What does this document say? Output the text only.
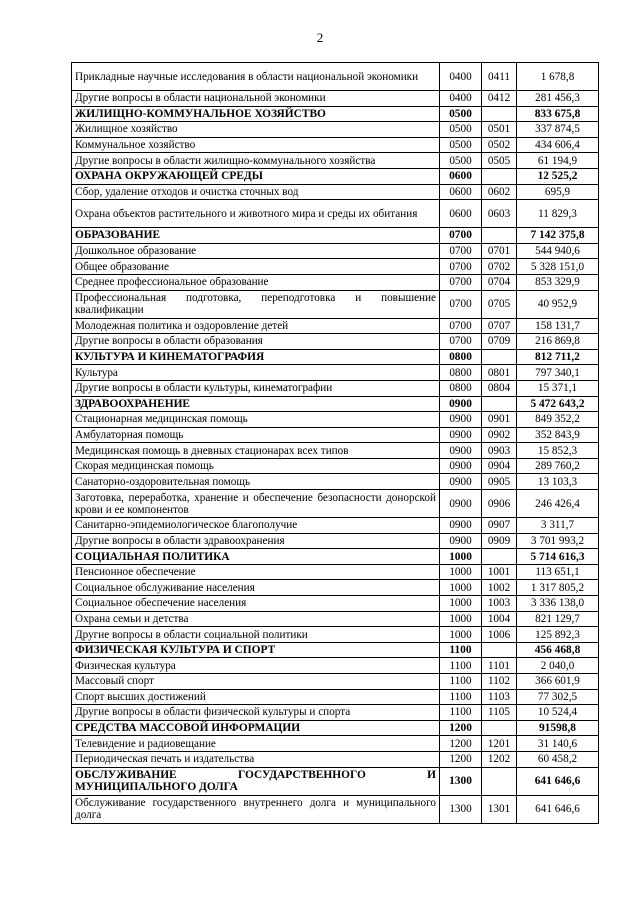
2
Прикладные научные исследования в области национальной экономики	0400	0411	1 678,8
Другие вопросы в области национальной экономики	0400	0412	281 456,3
ЖИЛИЩНО-КОММУНАЛЬНОЕ ХОЗЯЙСТВО	0500		833 675,8
Жилищное хозяйство	0500	0501	337 874,5
Коммунальное хозяйство	0500	0502	434 606,4
Другие вопросы в области жилищно-коммунального хозяйства	0500	0505	61 194,9
ОХРАНА ОКРУЖАЮЩЕЙ СРЕДЫ	0600		12 525,2
Сбор, удаление отходов и очистка сточных вод	0600	0602	695,9
Охрана объектов растительного и животного мира и среды их обитания	0600	0603	11 829,3
ОБРАЗОВАНИЕ	0700		7 142 375,8
Дошкольное образование	0700	0701	544 940,6
Общее образование	0700	0702	5 328 151,0
Среднее профессиональное образование	0700	0704	853 329,9
Профессиональная подготовка, переподготовка и повышение квалификации	0700	0705	40 952,9
Молодежная политика и оздоровление детей	0700	0707	158 131,7
Другие вопросы в области образования	0700	0709	216 869,8
КУЛЬТУРА И КИНЕМАТОГРАФИЯ	0800		812 711,2
Культура	0800	0801	797 340,1
Другие вопросы в области культуры, кинематографии	0800	0804	15 371,1
ЗДРАВООХРАНЕНИЕ	0900		5 472 643,2
Стационарная медицинская помощь	0900	0901	849 352,2
Амбулаторная помощь	0900	0902	352 843,9
Медицинская помощь в дневных стационарах всех типов	0900	0903	15 852,3
Скорая медицинская помощь	0900	0904	289 760,2
Санаторно-оздоровительная помощь	0900	0905	13 103,3
Заготовка, переработка, хранение и обеспечение безопасности донорской крови и ее компонентов	0900	0906	246 426,4
Санитарно-эпидемиологическое благополучие	0900	0907	3 311,7
Другие вопросы в области здравоохранения	0900	0909	3 701 993,2
СОЦИАЛЬНАЯ ПОЛИТИКА	1000		5 714 616,3
Пенсионное обеспечение	1000	1001	113 651,1
Социальное обслуживание населения	1000	1002	1 317 805,2
Социальное обеспечение населения	1000	1003	3 336 138,0
Охрана семьи и детства	1000	1004	821 129,7
Другие вопросы в области социальной политики	1000	1006	125 892,3
ФИЗИЧЕСКАЯ КУЛЬТУРА И СПОРТ	1100		456 468,8
Физическая культура	1100	1101	2 040,0
Массовый спорт	1100	1102	366 601,9
Спорт высших достижений	1100	1103	77 302,5
Другие вопросы в области физической культуры и спорта	1100	1105	10 524,4
СРЕДСТВА МАССОВОЙ ИНФОРМАЦИИ	1200		91598,8
Телевидение и радиовещание	1200	1201	31 140,6
Периодическая печать и издательства	1200	1202	60 458,2
ОБСЛУЖИВАНИЕ ГОСУДАРСТВЕННОГО И МУНИЦИПАЛЬНОГО ДОЛГА	1300		641 646,6
Обслуживание государственного внутреннего долга и муниципального долга	1300	1301	641 646,6
